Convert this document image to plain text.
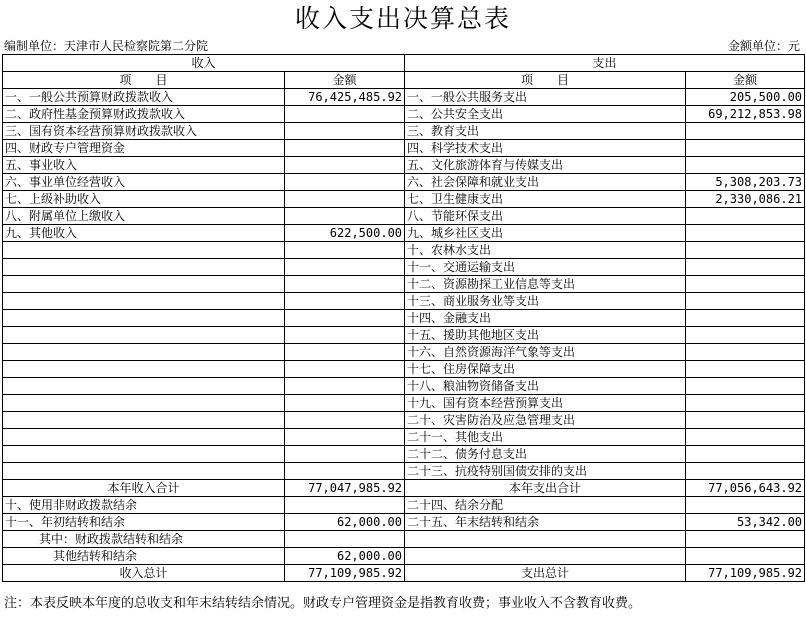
收入支出决算总表
编制单位：天津市人民检察院第二分院	金额单位：元
收入		支出	
项　　目	金额	项　　目	金额
一、一般公共预算财政拨款收入	76,425,485.92	一、一般公共服务支出	205,500.00
二、政府性基金预算财政拨款收入		二、公共安全支出	69,212,853.98
三、国有资本经营预算财政拨款收入		三、教育支出	
四、财政专户管理资金		四、科学技术支出	
五、事业收入		五、文化旅游体育与传媒支出	
六、事业单位经营收入		六、社会保障和就业支出	5,308,203.73
七、上级补助收入		七、卫生健康支出	2,330,086.21
八、附属单位上缴收入		八、节能环保支出	
九、其他收入	622,500.00	九、城乡社区支出	
		十、农林水支出	
		十一、交通运输支出	
		十二、资源勘探工业信息等支出	
		十三、商业服务业等支出	
		十四、金融支出	
		十五、援助其他地区支出	
		十六、自然资源海洋气象等支出	
		十七、住房保障支出	
		十八、粮油物资储备支出	
		十九、国有资本经营预算支出	
		二十、灾害防治及应急管理支出	
		二十一、其他支出	
		二十二、债务付息支出	
		二十三、抗疫特别国债安排的支出	
本年收入合计	77,047,985.92	本年支出合计	77,056,643.92
十、使用非财政拨款结余		二十四、结余分配	
十一、年初结转和结余	62,000.00	二十五、年末结转和结余	53,342.00
其中：财政拨款结转和结余			
其他结转和结余	62,000.00		
收入总计	77,109,985.92	支出总计	77,109,985.92
注：本表反映本年度的总收支和年末结转结余情况。财政专户管理资金是指教育收费；事业收入不含教育收费。
